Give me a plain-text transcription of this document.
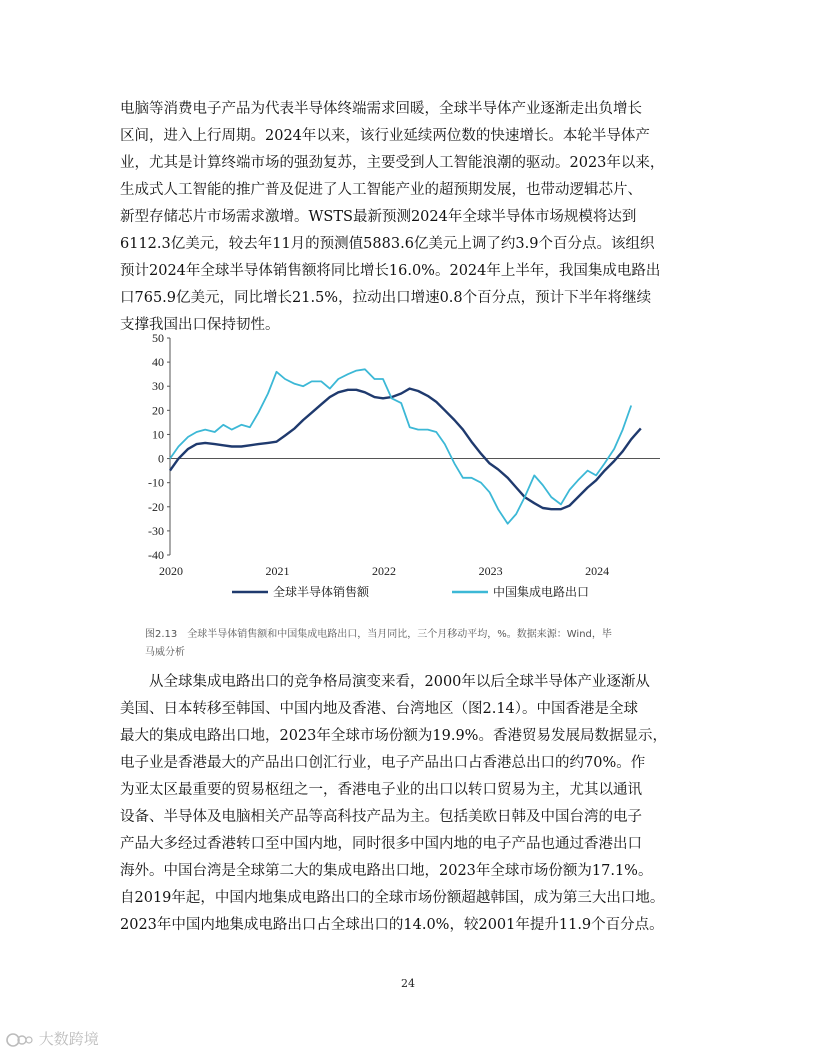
电脑等消费电子产品为代表半导体终端需求回暖，全球半导体产业逐渐走出负增长
区间，进入上行周期。2024年以来，该行业延续两位数的快速增长。本轮半导体产
业，尤其是计算终端市场的强劲复苏，主要受到人工智能浪潮的驱动。2023年以来，
生成式人工智能的推广普及促进了人工智能产业的超预期发展，也带动逻辑芯片、
新型存储芯片市场需求激增。WSTS最新预测2024年全球半导体市场规模将达到
6112.3亿美元，较去年11月的预测值5883.6亿美元上调了约3.9个百分点。该组织
预计2024年全球半导体销售额将同比增长16.0%。2024年上半年，我国集成电路出
口765.9亿美元，同比增长21.5%，拉动出口增速0.8个百分点，预计下半年将继续
支撑我国出口保持韧性。
50
40
30
20
10
0
-10
-20
-30
-40
2020	2021	2022	2023	2024
全球半导体销售额	中国集成电路出口
图2.13　全球半导体销售额和中国集成电路出口，当月同比，三个月移动平均，%。数据来源：Wind，毕
马威分析
　　从全球集成电路出口的竞争格局演变来看，2000年以后全球半导体产业逐渐从
美国、日本转移至韩国、中国内地及香港、台湾地区（图2.14）。中国香港是全球
最大的集成电路出口地，2023年全球市场份额为19.9%。香港贸易发展局数据显示，
电子业是香港最大的产品出口创汇行业，电子产品出口占香港总出口的约70%。作
为亚太区最重要的贸易枢纽之一，香港电子业的出口以转口贸易为主，尤其以通讯
设备、半导体及电脑相关产品等高科技产品为主。包括美欧日韩及中国台湾的电子
产品大多经过香港转口至中国内地，同时很多中国内地的电子产品也通过香港出口
海外。中国台湾是全球第二大的集成电路出口地，2023年全球市场份额为17.1%。
自2019年起，中国内地集成电路出口的全球市场份额超越韩国，成为第三大出口地。
2023年中国内地集成电路出口占全球出口的14.0%，较2001年提升11.9个百分点。
24
大数跨境
